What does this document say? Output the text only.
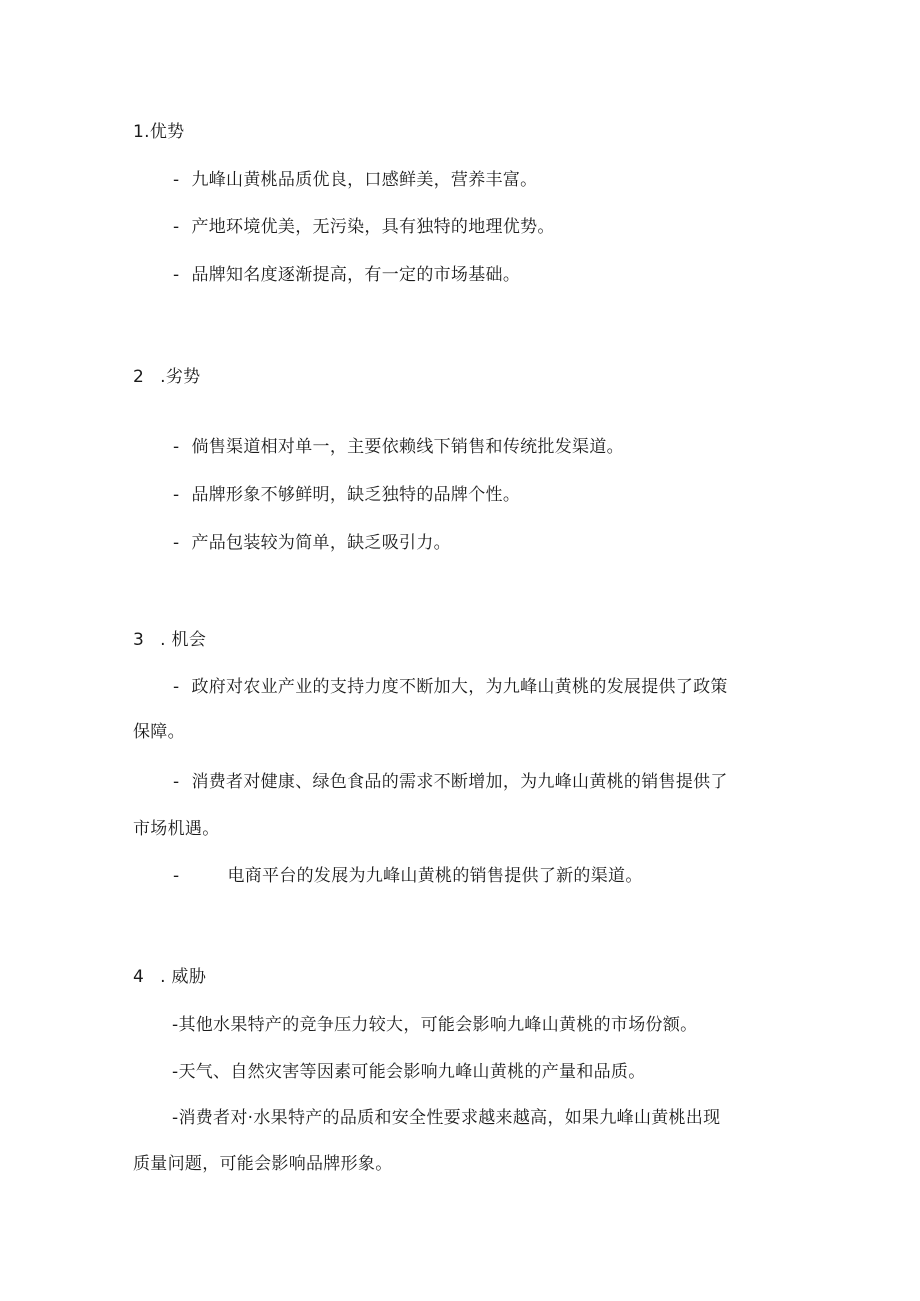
1.优势
- 九峰山黄桃品质优良，口感鲜美，营养丰富。
- 产地环境优美，无污染，具有独特的地理优势。
- 品牌知名度逐渐提高，有一定的市场基础。
2 .劣势
- 倘售渠道相对单一，主要依赖线下销售和传统批发渠道。
- 品牌形象不够鲜明，缺乏独特的品牌个性。
- 产品包装较为简单，缺乏吸引力。
3 . 机会
- 政府对农业产业的支持力度不断加大，为九峰山黄桃的发展提供了政策
保障。
- 消费者对健康、绿色食品的需求不断增加，为九峰山黄桃的销售提供了
市场机遇。
-	电商平台的发展为九峰山黄桃的销售提供了新的渠道。
4 . 威胁
-其他水果特产的竞争压力较大，可能会影响九峰山黄桃的市场份额。
-天气、自然灾害等因素可能会影响九峰山黄桃的产量和品质。
-消费者对·水果特产的品质和安全性要求越来越高，如果九峰山黄桃出现
质量问题，可能会影响品牌形象。
